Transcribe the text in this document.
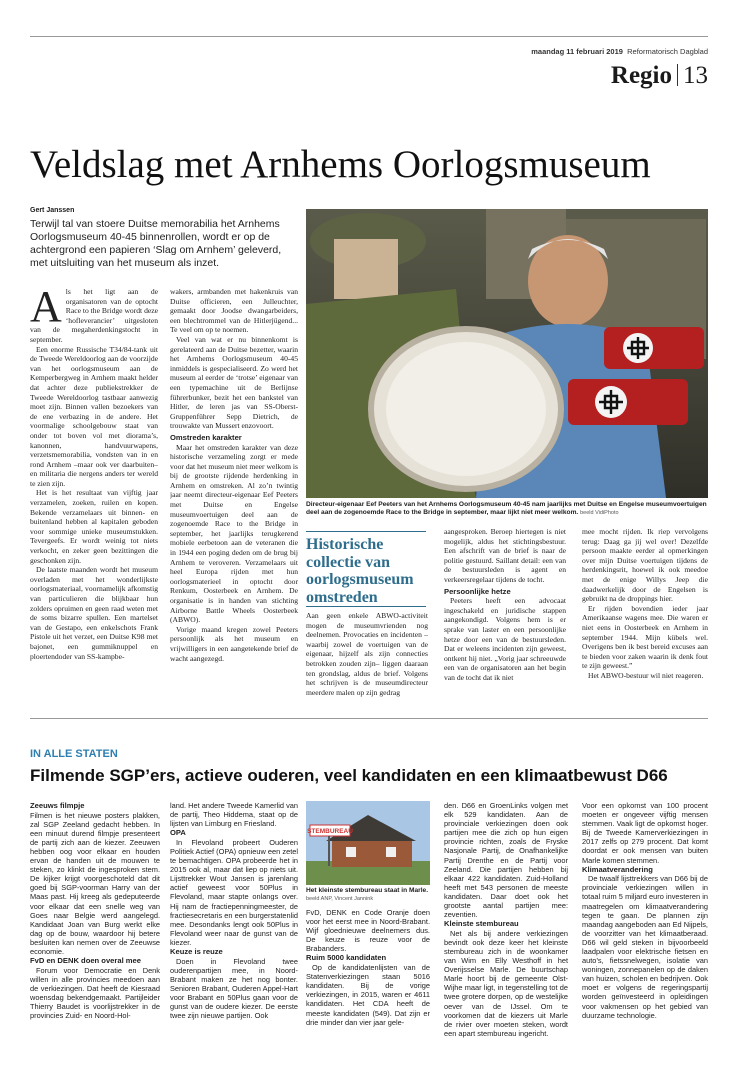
maandag 11 februari 2019 Reformatorisch Dagblad
Regio 13
Veldslag met Arnhems Oorlogsmuseum
Gert Janssen
Terwijl tal van stoere Duitse memorabilia het Arnhems Oorlogsmuseum 40-45 binnenrollen, wordt er op de achtergrond een papieren ‘Slag om Arnhem’ geleverd, met uitsluiting van het museum als inzet.

Als het ligt aan de organisatoren van de optocht Race to the Bridge wordt deze ‘hofleverancier’ uitgesloten van de megaherdenkingstocht in september.

Een enorme Russische T34/84-tank uit de Tweede Wereldoorlog aan de voorzijde van het oorlogsmuseum aan de Kemperbergweg in Arnhem maakt helder dat achter deze publiekstrekker de Tweede Wereldoorlog tastbaar aanwezig moet zijn. Binnen vallen bezoekers van de ene verbazing in de andere. Het voormalige schoolgebouw staat van onder tot boven vol met diorama’s, kanonnen, handvuurwapens, verzetsmemorabilia, vondsten van in en rond Arnhem –maar ook ver daarbuiten– en militaria die nergens anders ter wereld te zien zijn.

Het is het resultaat van vijftig jaar verzamelen, zoeken, ruilen en kopen. Bekende verzamelaars uit binnen- en buitenland hebben al kapitalen geboden voor sommige unieke museumstukken. Tevergeefs. Er wordt weinig tot niets verkocht, en zeker geen bezittingen die geschonken zijn.

De laatste maanden wordt het museum overladen met het wonderlijkste oorlogsmateriaal, voornamelijk afkomstig van particulieren die blijkbaar hun zolders opruimen en geen raad weten met de soms bizarre spullen. Een martelset van de Gestapo, een enkelschots Frank Pistole uit het verzet, een Duitse K98 met bajonet, een gummiknuppel en ploertendoder van SS-kampbe-

wakers, armbanden met hakenkruis van Duitse officieren, een Julleuchter, gemaakt door Joodse dwangarbeiders, een blechtrommel van de Hitlerjügend... Te veel om op te noemen.

Veel van wat er nu binnenkomt is gerelateerd aan de Duitse bezetter, waarin het Arnhems Oorlogsmuseum 40-45 inmiddels is gespecialiseerd. Zo werd het museum al eerder de ‘trotse’ eigenaar van een typemachine uit de Berlijnse führerbunker, bezit het een bankstel van Hitler, de leren jas van SS-Oberst-Gruppenführer Sepp Dietrich, de trouwakte van Mussert enzovoort.

Omstreden karakter

Maar het omstreden karakter van deze historische verzameling zorgt er mede voor dat het museum niet meer welkom is bij de grootste rijdende herdenking in Arnhem en omstreken. Al zo’n twintig jaar neemt directeur-eigenaar Eef Peeters met Duitse en Engelse museumvoertuigen deel aan de zogenoemde Race to the Bridge in september, het jaarlijks terugkerend mobiele eerbetoon aan de veteranen die in 1944 een poging deden om de brug bij Arnhem te veroveren. Verzamelaars uit heel Europa rijden met hun oorlogsmaterieel in optocht door Renkum, Oosterbeek en Arnhem. De organisatie is in handen van stichting Airborne Battle Wheels Oosterbeek (ABWO).

Vorige maand kregen zowel Peeters persoonlijk als het museum en vrijwilligers in een aangetekende brief de wacht aangezegd.

Directeur-eigenaar Eef Peeters van het Arnhems Oorlogsmuseum 40-45 nam jaarlijks met Duitse en Engelse museumvoertuigen deel aan de zogenoemde Race to the Bridge in september, maar lijkt niet meer welkom. beeld VidiPhoto
Historische collectie van oorlogsmuseum omstreden

Aan geen enkele ABWO-activiteit mogen de museumvrienden nog deelnemen. Provocaties en incidenten –waarbij zowel de voertuigen van de eigenaar, hijzelf als zijn connecties betrokken zouden zijn– liggen daaraan ten grondslag, aldus de brief. Volgens het schrijven is de museumdirecteur meerdere malen op zijn gedrag

aangesproken. Beroep hiertegen is niet mogelijk, aldus het stichtingsbestuur. Een afschrift van de brief is naar de politie gestuurd. Saillant detail: een van de bestuursleden is agent en verkeersregelaar tijdens de tocht.

Persoonlijke hetze

Peeters heeft een advocaat ingeschakeld en juridische stappen aangekondigd. Volgens hem is er sprake van laster en een persoonlijke hetze door een van de bestuursleden. Dat er weleens incidenten zijn geweest, ontkent hij niet. „Vorig jaar schreeuwde een van de organisatoren aan het begin van de tocht dat ik niet

mee mocht rijden. Ik riep vervolgens terug: Daag ga jij wel over! Dezelfde persoon maakte eerder al opmerkingen over mijn Duitse voertuigen tijdens de herdenkingsrit, hoewel ik ook meedoe met de enige Willys Jeep die daadwerkelijk door de Engelsen is gebruikt na de droppings hier.

Er rijden bovendien ieder jaar Amerikaanse wagens mee. Die waren er niet eens in Oosterbeek en Arnhem in september 1944. Mijn kübels wel. Overigens ben ik best bereid excuses aan te bieden voor zaken waarin ik denk fout te zijn geweest.”

Het ABWO-bestuur wil niet reageren.

IN ALLE STATEN
Filmende SGP’ers, actieve ouderen, veel kandidaten en een klimaatbewust D66
Zeeuws filmpje

Filmen is het nieuwe posters plakken, zal SGP Zeeland gedacht hebben. In een minuut durend filmpje presenteert de partij zich aan de kiezer. Zeeuwen hebben oog voor elkaar en houden ervan de handen uit de mouwen te steken, zo klinkt de ingesproken stem. De kijker krijgt voorgeschoteld dat dit goed bij SGP-voorman Harry van der Maas past. Hij kreeg als gedeputeerde voor elkaar dat een snelle weg van Goes naar Belgie werd aangelegd. Kandidaat Joan van Burg werkt elke dag op de bouw, waardoor hij betere besluiten kan nemen over de Zeeuwse economie.

FvD en DENK doen overal mee

Forum voor Democratie en Denk willen in alle provincies meedoen aan de verkiezingen. Dat heeft de Kiesraad woensdag bekendgemaakt. Partijleider Thierry Baudet is voorlijstrekker in de provincies Zuid- en Noord-Hol-

land. Het andere Tweede Kamerlid van de partij, Theo Hiddema, staat op de lijsten van Limburg en Friesland.

OPA

In Flevoland probeert Ouderen Politiek Actief (OPA) opnieuw een zetel te bemachtigen. OPA probeerde het in 2015 ook al, maar dat liep op niets uit. Lijsttrekker Wout Jansen is jarenlang actief geweest voor 50Plus in Flevoland, maar stapte onlangs over. Hij nam de fractiepenningmeester, de fractiesecretaris en een burgerstatenlid mee. Desondanks lengt ook 50Plus in Flevoland weer naar de gunst van de kiezer.

Keuze is reuze

Doen in Flevoland twee ouderenpartijen mee, in Noord-Brabant maken ze het nog bonter. Senioren Brabant, Ouderen Appel-Hart voor Brabant en 50Plus gaan voor de gunst van de oudere kiezer. De eerste twee zijn nieuwe partijen. Ook

STEMBUREAU
Het kleinste stembureau staat in Marle. beeld ANP, Vincent Jannink

FvD, DENK en Code Oranje doen voor het eerst mee in Noord-Brabant. Wijf gloednieuwe deelnemers dus. De keuze is reuze voor de Brabanders.

Ruim 5000 kandidaten

Op de kandidatenlijsten van de Statenverkiezingen staan 5016 kandidaten. Bij de vorige verkiezingen, in 2015, waren er 4611 kandidaten. Het CDA heeft de meeste kandidaten (549). Dat zijn er drie minder dan vier jaar gele-

den. D66 en GroenLinks volgen met elk 529 kandidaten. Aan de provinciale verkiezingen doen ook partijen mee die zich op hun eigen provincie richten, zoals de Fryske Nasjonale Partij, de Onafhankelijke Partij Drenthe en de Partij voor Zeeland. Die partijen hebben bij elkaar 422 kandidaten. Zuid-Holland heeft met 543 personen de meeste kandidaten. Daar doet ook het grootste aantal partijen mee: zeventien.

Kleinste stembureau

Net als bij andere verkiezingen bevindt ook deze keer het kleinste stembureau zich in de woonkamer van Wim en Elly Westhoff in het Overijsselse Marle. De buurtschap Marle hoort bij de gemeente Olst-Wijhe maar ligt, in tegenstelling tot de twee grotere dorpen, op de westelijke oever van de IJssel. Om te voorkomen dat de kiezers uit Marle de rivier over moeten steken, wordt een apart stembureau ingericht.

Voor een opkomst van 100 procent moeten er ongeveer vijftig mensen stemmen. Vaak ligt de opkomst hoger. Bij de Tweede Kamerverkiezingen in 2017 zelfs op 279 procent. Dat komt doordat er ook mensen van buiten Marle komen stemmen.

Klimaatverandering

De twaalf lijsttrekkers van D66 bij de provinciale verkiezingen willen in totaal ruim 5 miljard euro investeren in maatregelen om klimaatverandering tegen te gaan. De plannen zijn maandag aangeboden aan Ed Nijpels, de voorzitter van het klimaatberaad. D66 wil geld steken in bijvoorbeeld laadpalen voor elektrische fietsen en auto’s, fietssnelwegen, isolatie van woningen, zonnepanelen op de daken van huizen, scholen en bedrijven. Ook moet er volgens de regeringspartij worden geïnvesteerd in opleidingen voor vakmensen op het gebied van duurzame technologie.
